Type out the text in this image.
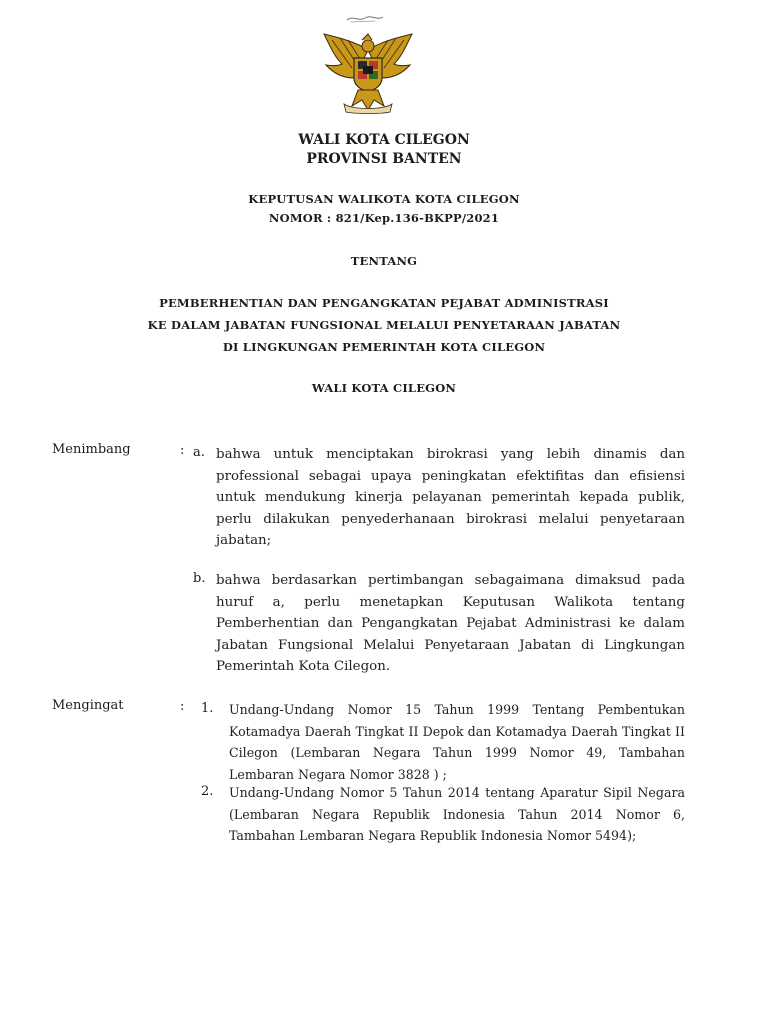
WALI KOTA CILEGON
PROVINSI BANTEN
KEPUTUSAN WALIKOTA KOTA CILEGON
NOMOR : 821/Kep.136-BKPP/2021
TENTANG
PEMBERHENTIAN DAN PENGANGKATAN PEJABAT ADMINISTRASI
KE DALAM JABATAN FUNGSIONAL MELALUI PENYETARAAN JABATAN
DI LINGKUNGAN PEMERINTAH KOTA CILEGON
WALI KOTA CILEGON
Menimbang	: a. bahwa untuk menciptakan birokrasi yang lebih dinamis dan professional sebagai upaya peningkatan efektifitas dan efisiensi untuk mendukung kinerja pelayanan pemerintah kepada publik, perlu dilakukan penyederhanaan birokrasi melalui penyetaraan jabatan;
b. bahwa berdasarkan pertimbangan sebagaimana dimaksud pada huruf a, perlu menetapkan Keputusan Walikota tentang Pemberhentian dan Pengangkatan Pejabat Administrasi ke dalam Jabatan Fungsional Melalui Penyetaraan Jabatan di Lingkungan Pemerintah Kota Cilegon.
Mengingat	: 1. Undang-Undang Nomor 15 Tahun 1999 Tentang Pembentukan Kotamadya Daerah Tingkat II Depok dan Kotamadya Daerah Tingkat II Cilegon (Lembaran Negara Tahun 1999 Nomor 49, Tambahan Lembaran Negara Nomor 3828 ) ;
2. Undang-Undang Nomor 5 Tahun 2014 tentang Aparatur Sipil Negara (Lembaran Negara Republik Indonesia Tahun 2014 Nomor 6, Tambahan Lembaran Negara Republik Indonesia Nomor 5494);
